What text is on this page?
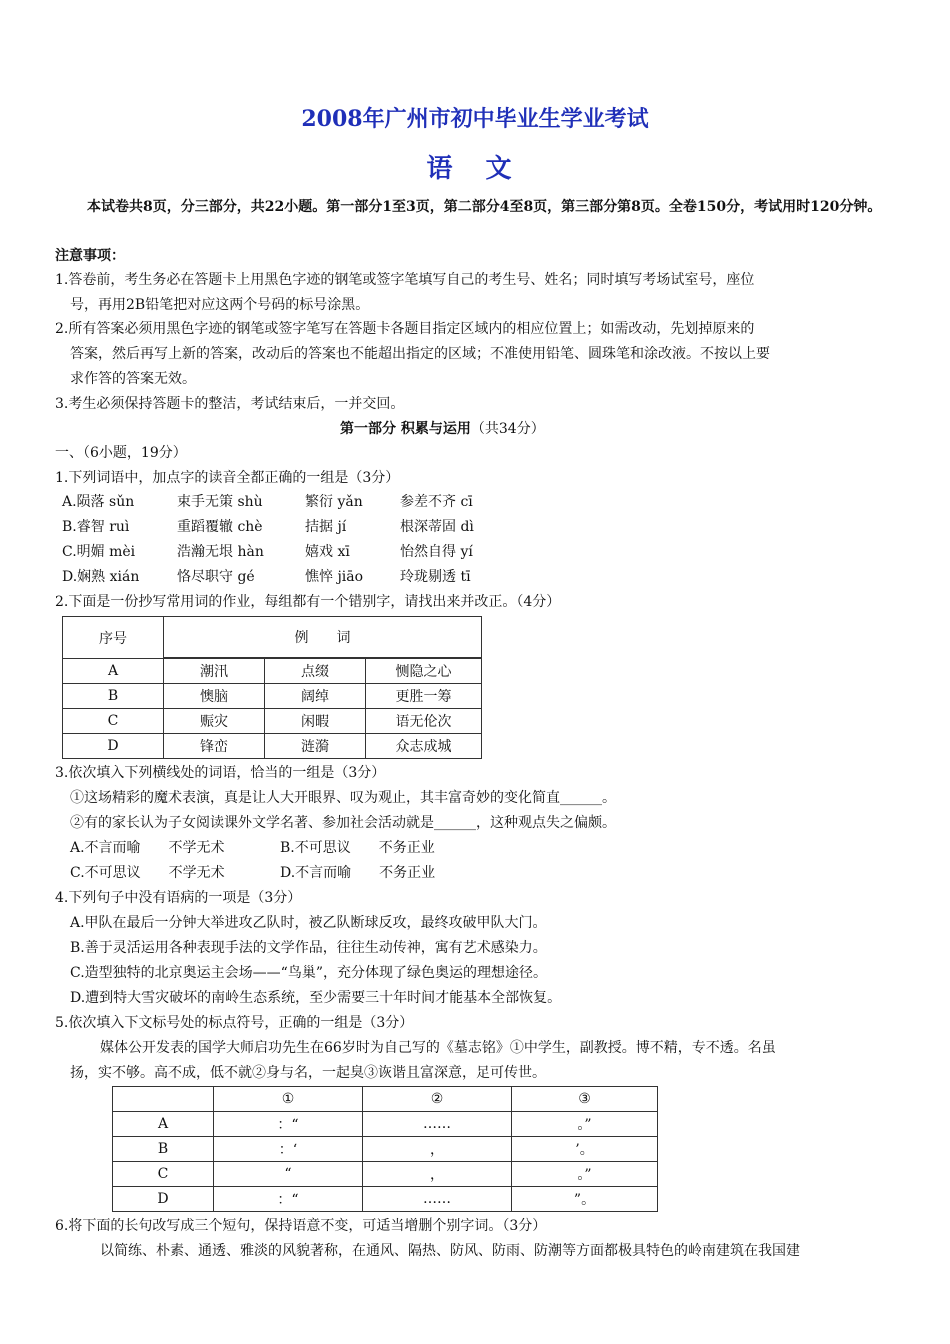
2008年广州市初中毕业生学业考试
语 文
本试卷共8页，分三部分，共22小题。第一部分1至3页，第二部分4至8页，第三部分第8页。全卷150分，考试用时120分钟。
注意事项：
1.答卷前，考生务必在答题卡上用黑色字迹的钢笔或签字笔填写自己的考生号、姓名；同时填写考场试室号，座位
号，再用2B铅笔把对应这两个号码的标号涂黑。
2.所有答案必须用黑色字迹的钢笔或签字笔写在答题卡各题目指定区域内的相应位置上；如需改动，先划掉原来的
答案，然后再写上新的答案，改动后的答案也不能超出指定的区域；不准使用铅笔、圆珠笔和涂改液。不按以上要
求作答的答案无效。
3.考生必须保持答题卡的整洁，考试结束后，一并交回。
第一部分 积累与运用（共34分）
一、（6小题，19分）
1.下列词语中，加点字的读音全都正确的一组是（3分）
A.陨落 sǔn	束手无策 shù	繁衍 yǎn	参差不齐 cī
B.睿智 ruì	重蹈覆辙 chè	拮据 jí	根深蒂固 dì
C.明媚 mèi	浩瀚无垠 hàn	嬉戏 xī	怡然自得 yí
D.娴熟 xián	恪尽职守 gé	憔悴 jiāo	玲珑剔透 tī
2.下面是一份抄写常用词的作业，每组都有一个错别字，请找出来并改正。（4分）
序号	例　　词		

A	潮汛	点缀	恻隐之心
B	懊脑	阔绰	更胜一筹
C	赈灾	闲暇	语无伦次
D	锋峦	涟漪	众志成城
3.依次填入下列横线处的词语，恰当的一组是（3分）
①这场精彩的魔术表演，真是让人大开眼界、叹为观止，其丰富奇妙的变化简直______。
②有的家长认为子女阅读课外文学名著、参加社会活动就是______，这种观点失之偏颇。
A.不言而喻　　不学无术	B.不可思议　　不务正业
C.不可思议　　不学无术	D.不言而喻　　不务正业
4.下列句子中没有语病的一项是（3分）
A.甲队在最后一分钟大举进攻乙队时，被乙队断球反攻，最终攻破甲队大门。
B.善于灵活运用各种表现手法的文学作品，往往生动传神，寓有艺术感染力。
C.造型独特的北京奥运主会场——“鸟巢”，充分体现了绿色奥运的理想途径。
D.遭到特大雪灾破坏的南岭生态系统，至少需要三十年时间才能基本全部恢复。
5.依次填入下文标号处的标点符号，正确的一组是（3分）
媒体公开发表的国学大师启功先生在66岁时为自己写的《墓志铭》①中学生，副教授。博不精，专不透。名虽
扬，实不够。高不成，低不就②身与名，一起臭③诙谐且富深意，足可传世。
	①	②	③
A	：“	……	。”
B	：‘	，	’。
C	“	，	。”
D	：“	……	”。
6.将下面的长句改写成三个短句，保持语意不变，可适当增删个别字词。（3分）
以简练、朴素、通透、雅淡的风貌著称，在通风、隔热、防风、防雨、防潮等方面都极具特色的岭南建筑在我国建
